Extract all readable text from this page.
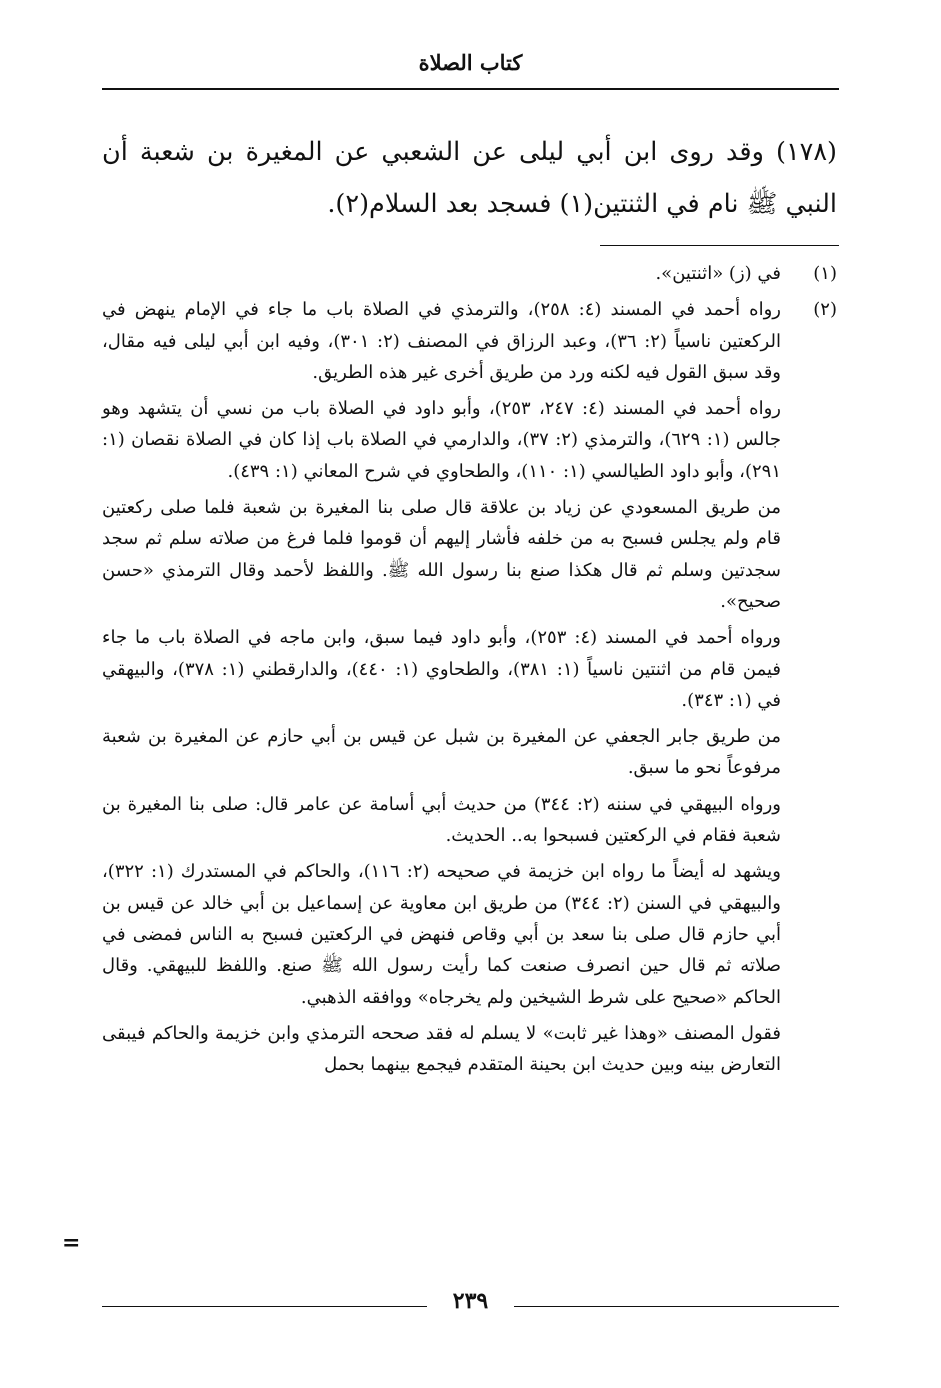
كتاب الصلاة

(١٧٨) وقد روى ابن أبي ليلى عن الشعبي عن المغيرة بن شعبة أن النبي ﷺ نام في الثنتين(١) فسجد بعد السلام(٢).

(١)

في (ز) «اثنتين».

(٢)

رواه أحمد في المسند (٤: ٢٥٨)، والترمذي في الصلاة باب ما جاء في الإمام ينهض في الركعتين ناسياً (٢: ٣٦)، وعبد الرزاق في المصنف (٢: ٣٠١)، وفيه ابن أبي ليلى فيه مقال، وقد سبق القول فيه لكنه ورد من طريق أخرى غير هذه الطريق.

رواه أحمد في المسند (٤: ٢٤٧، ٢٥٣)، وأبو داود في الصلاة باب من نسي أن يتشهد وهو جالس (١: ٦٢٩)، والترمذي (٢: ٣٧)، والدارمي في الصلاة باب إذا كان في الصلاة نقصان (١: ٢٩١)، وأبو داود الطيالسي (١: ١١٠)، والطحاوي في شرح المعاني (١: ٤٣٩).

من طريق المسعودي عن زياد بن علاقة قال صلى بنا المغيرة بن شعبة فلما صلى ركعتين قام ولم يجلس فسبح به من خلفه فأشار إليهم أن قوموا فلما فرغ من صلاته سلم ثم سجد سجدتين وسلم ثم قال هكذا صنع بنا رسول الله ﷺ. واللفظ لأحمد وقال الترمذي «حسن صحيح».

ورواه أحمد في المسند (٤: ٢٥٣)، وأبو داود فيما سبق، وابن ماجه في الصلاة باب ما جاء فيمن قام من اثنتين ناسياً (١: ٣٨١)، والطحاوي (١: ٤٤٠)، والدارقطني (١: ٣٧٨)، والبيهقي في (١: ٣٤٣).

من طريق جابر الجعفي عن المغيرة بن شبل عن قيس بن أبي حازم عن المغيرة بن شعبة مرفوعاً نحو ما سبق.

ورواه البيهقي في سننه (٢: ٣٤٤) من حديث أبي أسامة عن عامر قال: صلى بنا المغيرة بن شعبة فقام في الركعتين فسبحوا به.. الحديث.

ويشهد له أيضاً ما رواه ابن خزيمة في صحيحه (٢: ١١٦)، والحاكم في المستدرك (١: ٣٢٢)، والبيهقي في السنن (٢: ٣٤٤) من طريق ابن معاوية عن إسماعيل بن أبي خالد عن قيس بن أبي حازم قال صلى بنا سعد بن أبي وقاص فنهض في الركعتين فسبح به الناس فمضى في صلاته ثم قال حين انصرف صنعت كما رأيت رسول الله ﷺ صنع. واللفظ للبيهقي. وقال الحاكم «صحيح على شرط الشيخين ولم يخرجاه» ووافقه الذهبي.

فقول المصنف «وهذا غير ثابت» لا يسلم له فقد صححه الترمذي وابن خزيمة والحاكم فيبقى التعارض بينه وبين حديث ابن بحينة المتقدم فيجمع بينهما بحمل

=
٢٣٩
